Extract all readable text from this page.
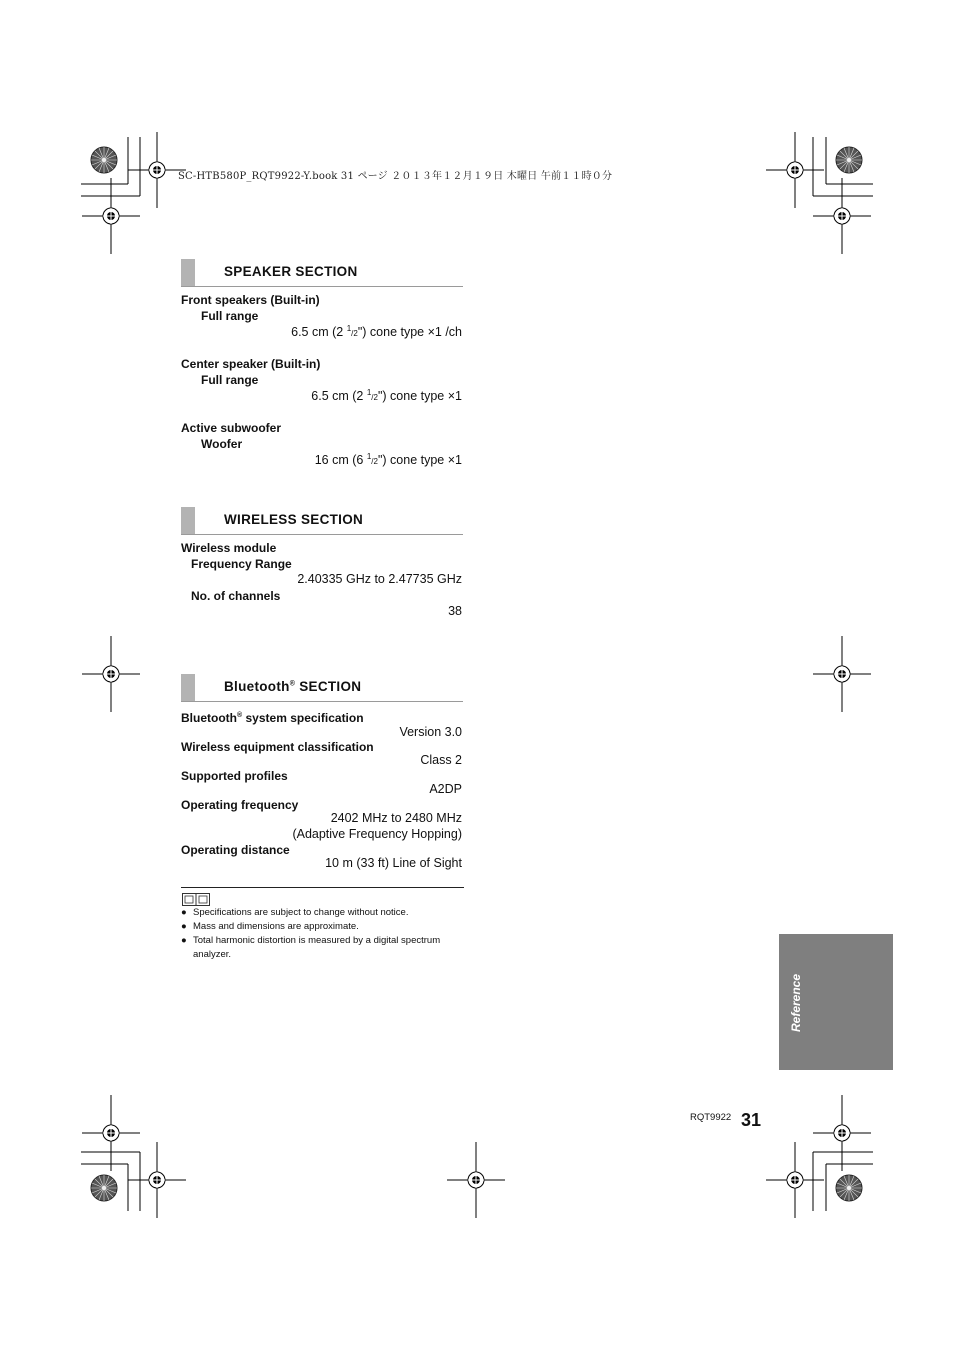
SC-HTB580P_RQT9922-Y.book 31 ページ ２０１３年１２月１９日 木曜日 午前１１時０分
SPEAKER SECTION
Front speakers (Built-in)
Full range
6.5 cm (2 $^1$/2") cone type ×1 /ch
Center speaker (Built-in)
Full range
6.5 cm (2 $^1$/2") cone type ×1
Active subwoofer
Woofer
16 cm (6 $^1$/2") cone type ×1
WIRELESS SECTION
Wireless module
Frequency Range
2.40335 GHz to 2.47735 GHz
No. of channels
38
Bluetooth® SECTION
Bluetooth® system specification
Version 3.0
Wireless equipment classification
Class 2
Supported profiles
A2DP
Operating frequency
2402 MHz to 2480 MHz
(Adaptive Frequency Hopping)
Operating distance
10 m (33 ft) Line of Sight
● Specifications are subject to change without notice.
● Mass and dimensions are approximate.
● Total harmonic distortion is measured by a digital spectrum analyzer.
Reference
RQT9922 31
